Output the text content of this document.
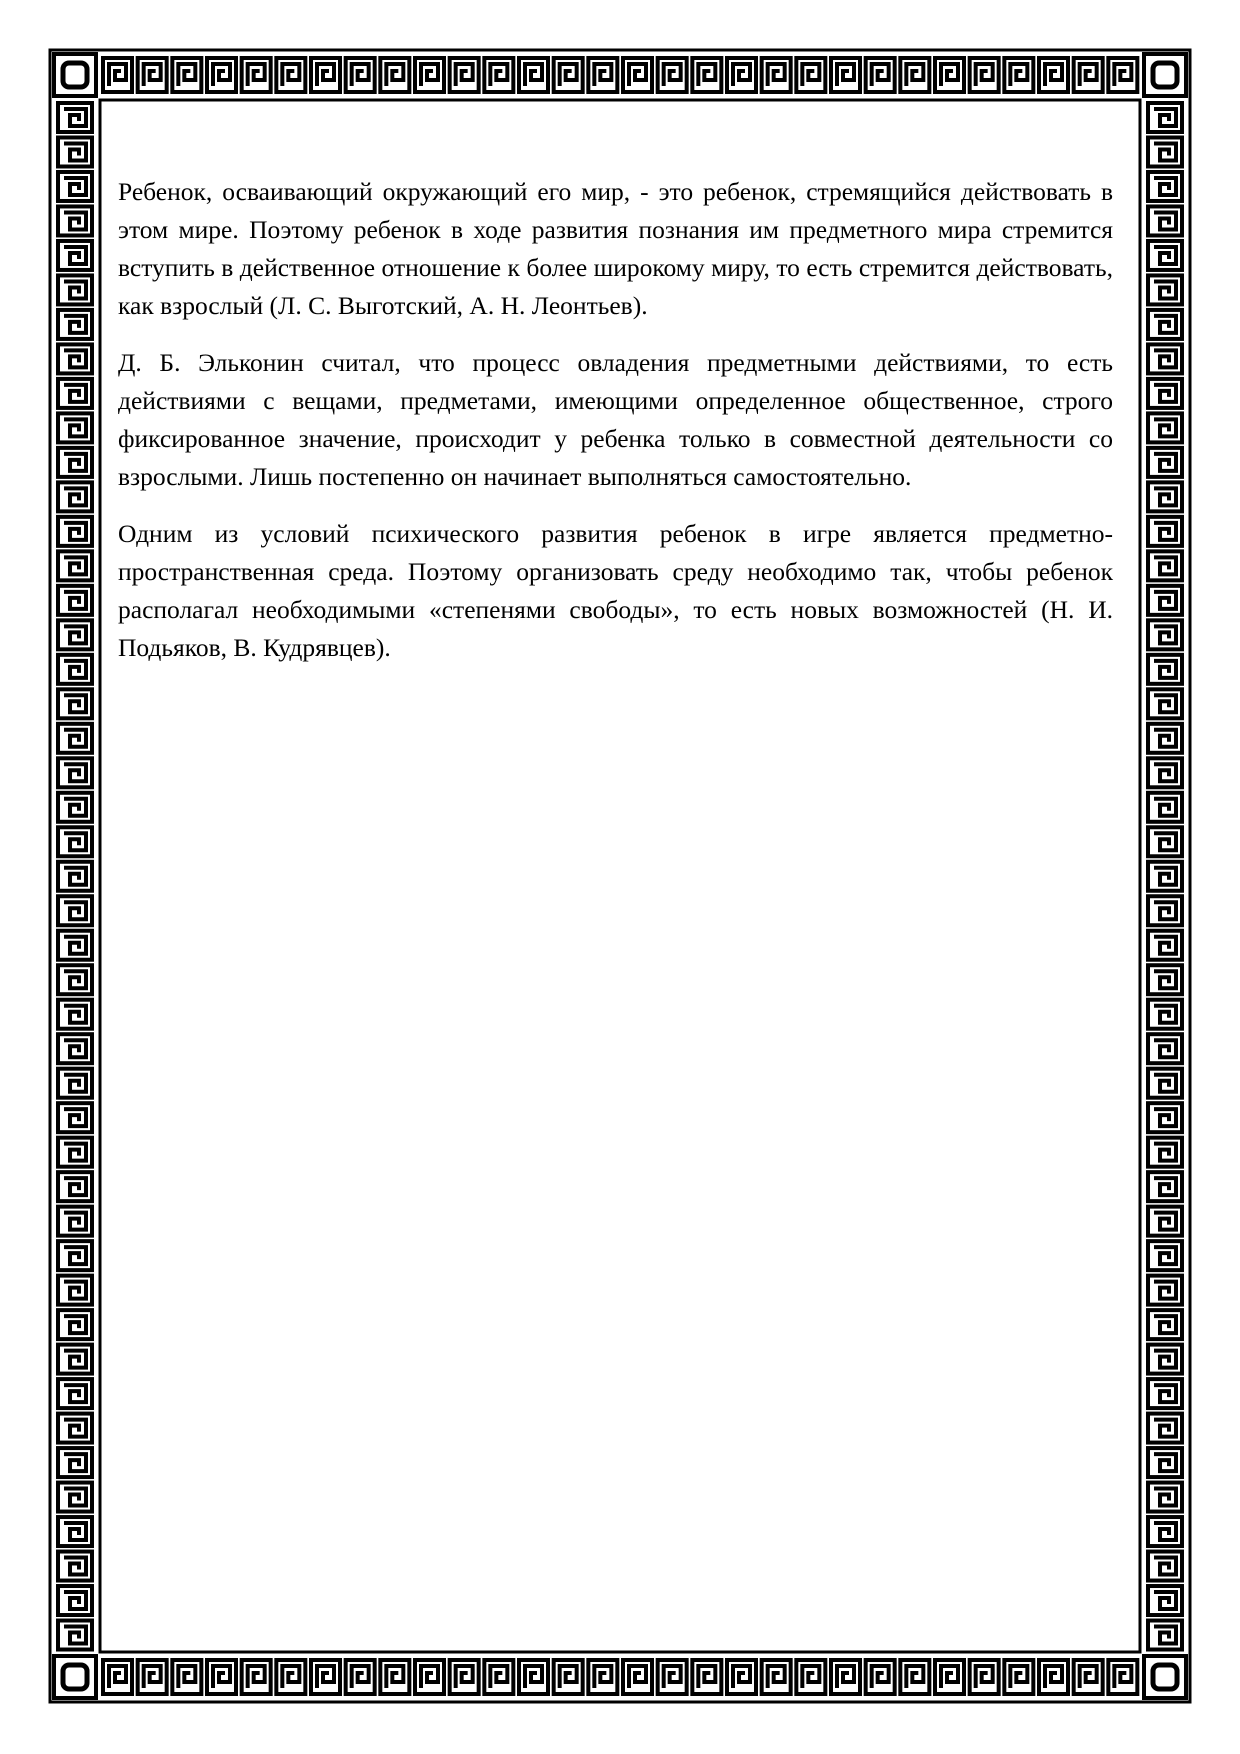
Ребенок, осваивающий окружающий его мир, - это ребенок, стремящийся действовать в этом мире. Поэтому ребенок в ходе развития познания им предметного мира стремится вступить в действенное отношение к более широкому миру, то есть стремится действовать, как взрослый (Л. С. Выготский, А. Н. Леонтьев).

Д. Б. Эльконин считал, что процесс овладения предметными действиями, то есть действиями с вещами, предметами, имеющими определенное общественное, строго фиксированное значение, происходит у ребенка только в совместной деятельности со взрослыми. Лишь постепенно он начинает выполняться самостоятельно.

Одним из условий психического развития ребенок в игре является предметно-пространственная среда. Поэтому организовать среду необходимо так, чтобы ребенок располагал необходимыми «степенями свободы», то есть новых возможностей (Н. И. Подьяков, В. Кудрявцев).
